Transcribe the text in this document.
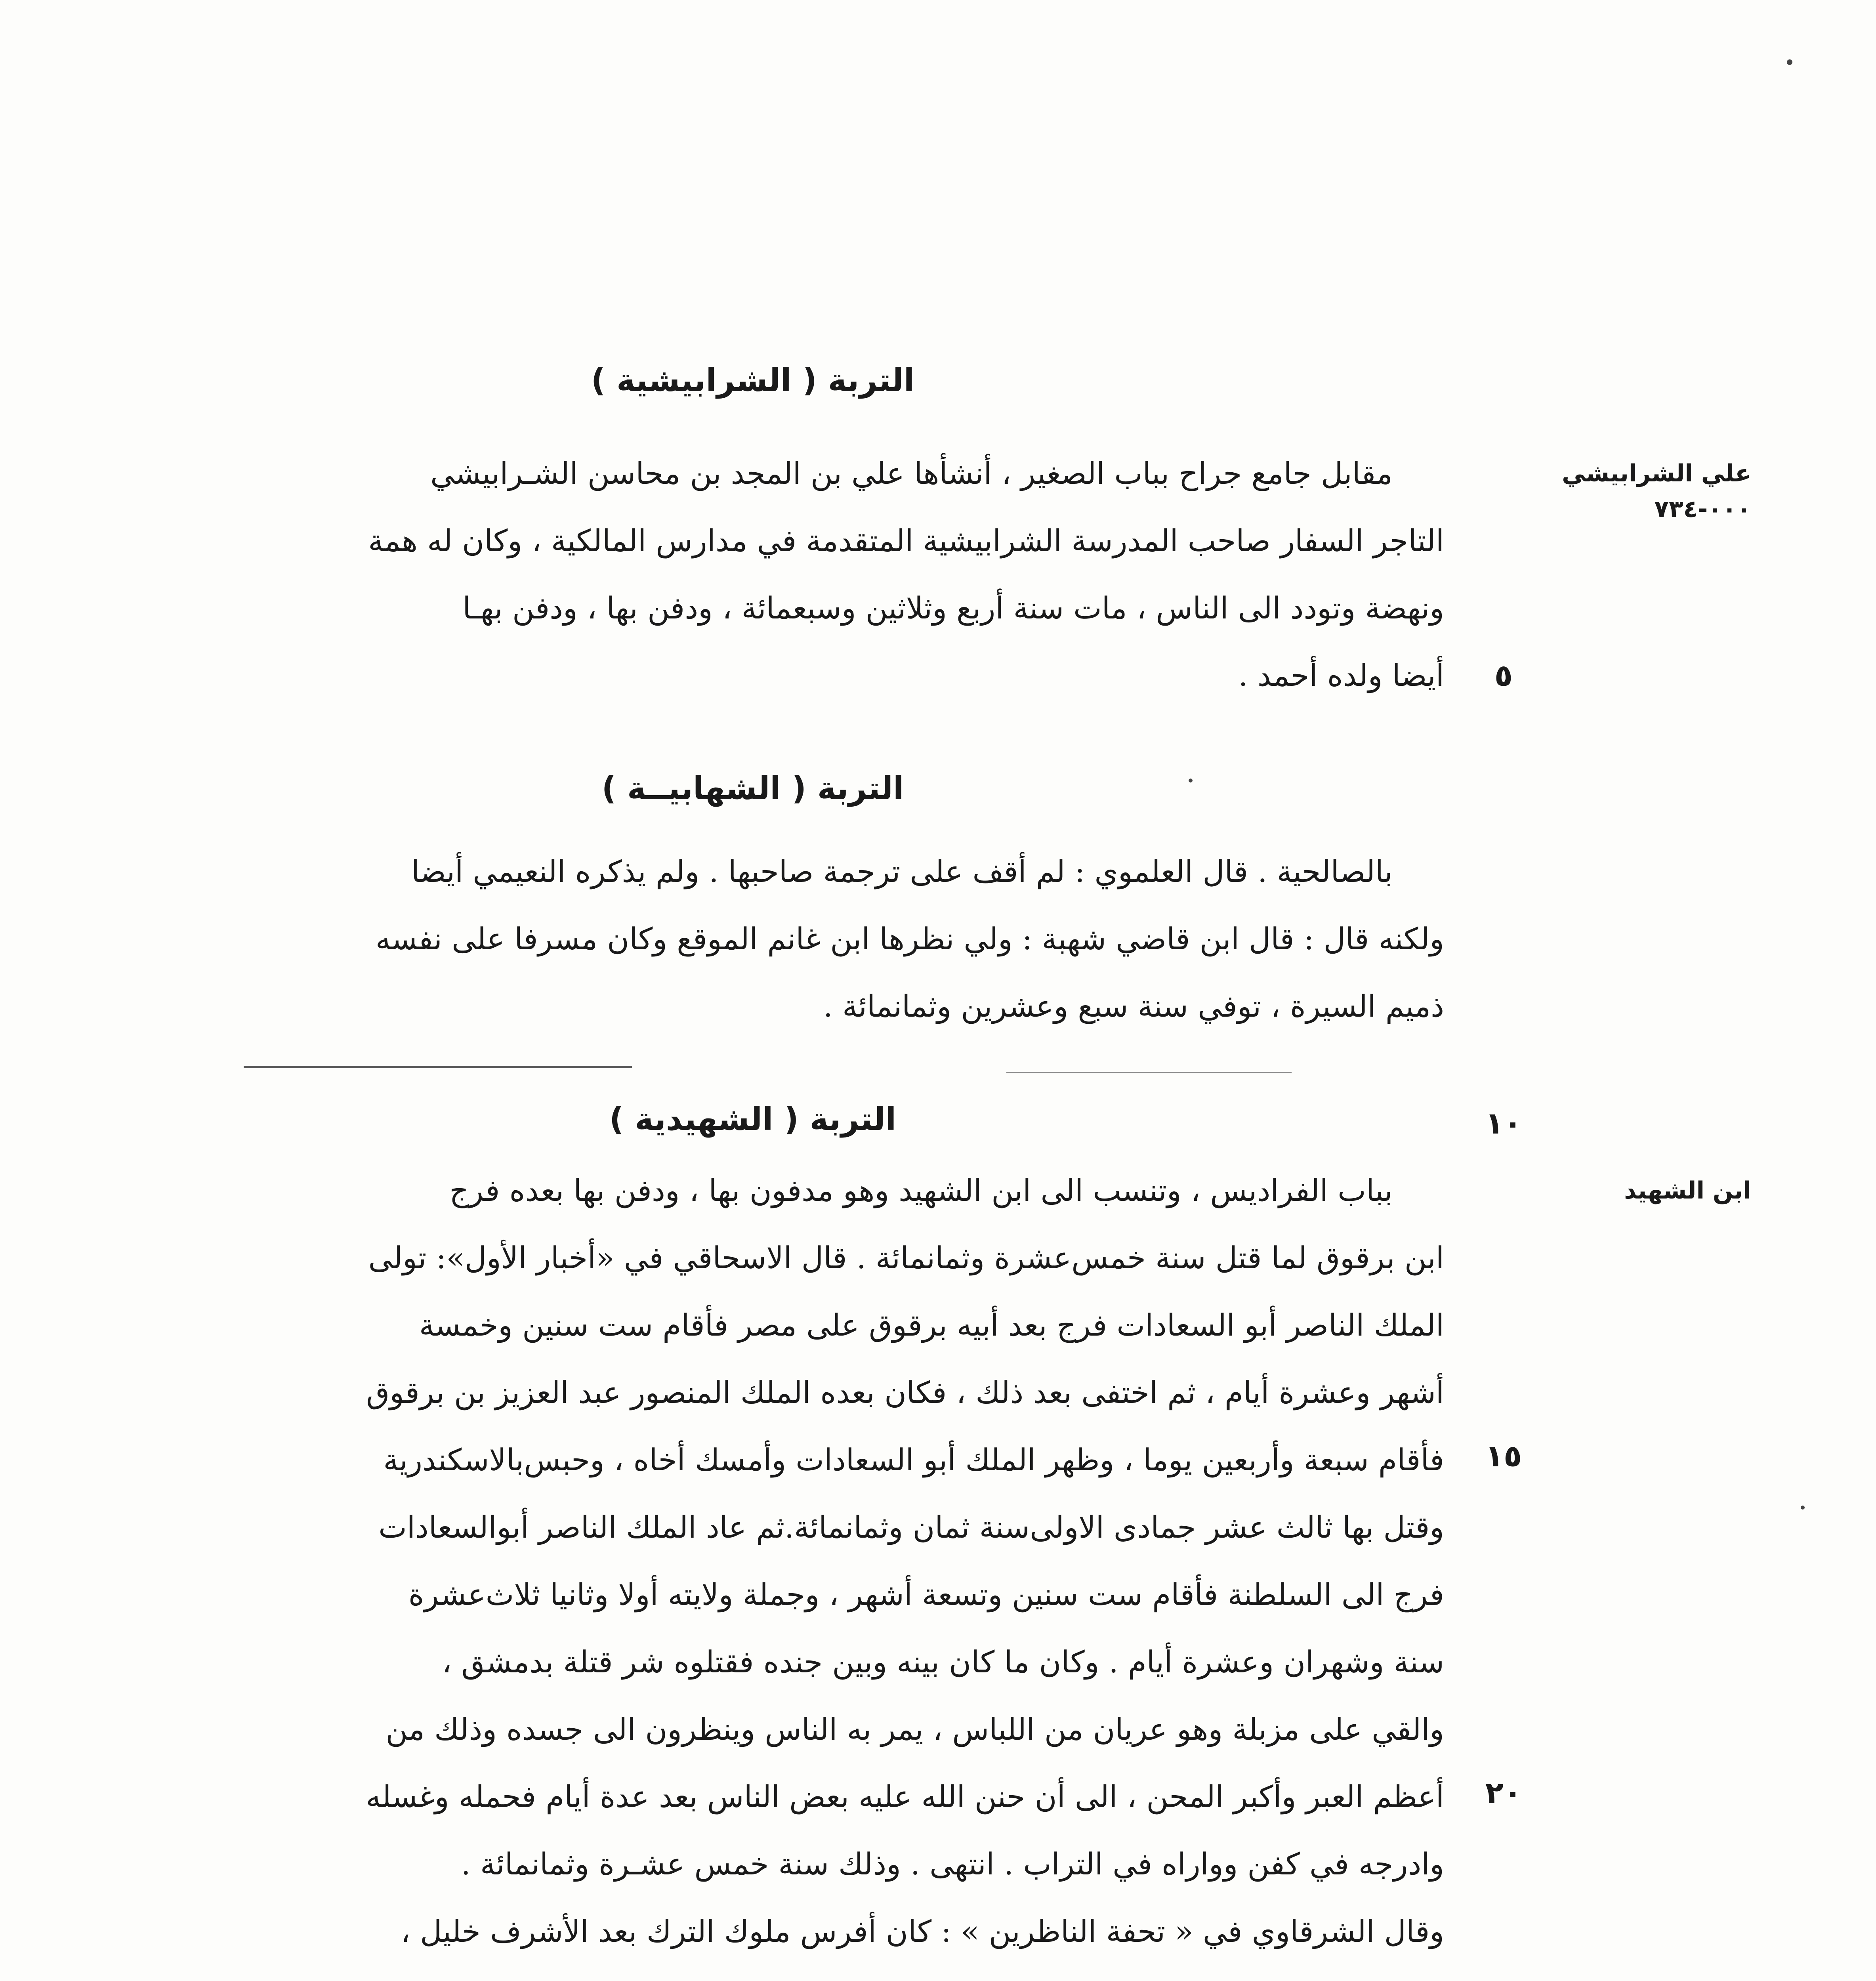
التربة ( الشرابيشية )
علي الشرابيشي
٠٠٠-٧٣٤
مقابل جامع جراح بباب الصغير ، أنشأها علي بن المجد بن محاسن الشـرابيشي
التاجر السفار صاحب المدرسة الشرابيشية المتقدمة في مدارس المالكية ، وكان له همة
ونهضة وتودد الى الناس ، مات سنة أربع وثلاثين وسبعمائة ، ودفن بها ، ودفن بهـا
أيضا ولده أحمد .	٥
التربة ( الشهابيــة )
بالصالحية . قال العلموي : لم أقف على ترجمة صاحبها . ولم يذكره النعيمي أيضا
ولكنه قال : قال ابن قاضي شهبة : ولي نظرها ابن غانم الموقع وكان مسرفا على نفسه
ذميم السيرة ، توفي سنة سبع وعشرين وثمانمائة .
التربة ( الشهيدية )	١٠
ابن الشهيد
بباب الفراديس ، وتنسب الى ابن الشهيد وهو مدفون بها ، ودفن بها بعده فرج
ابن برقوق لما قتل سنة خمس‌عشرة وثمانمائة . قال الاسحاقي في «أخبار الأول»: تولى
الملك الناصر أبو السعادات فرج بعد أبيه برقوق على مصر فأقام ست سنين وخمسة
أشهر وعشرة أيام ، ثم اختفى بعد ذلك ، فكان بعده الملك المنصور عبد العزيز بن برقوق
فأقام سبعة وأربعين يوما ، وظهر الملك أبو السعادات وأمسك أخاه ، وحبس‌بالاسكندرية
وقتل بها ثالث عشر جمادى الاولى‌سنة ثمان وثمانمائة.ثم عاد الملك الناصر أبوالسعادات
فرج الى السلطنة فأقام ست سنين وتسعة أشهر ، وجملة ولايته أولا وثانيا ثلاث‌عشرة
سنة وشهران وعشرة أيام . وكان ما كان بينه وبين جنده فقتلوه شر قتلة بدمشق ،
والقي على مزبلة وهو عريان من اللباس ، يمر به الناس وينظرون الى جسده وذلك من
أعظم العبر وأكبر المحن ، الى أن حنن الله عليه بعض الناس بعد عدة أيام فحمله وغسله
وادرجه في كفن وواراه في التراب . انتهى . وذلك سنة خمس عشـرة وثمانمائة .
وقال الشرقاوي في « تحفة الناظرين » : كان أفرس ملوك الترك بعد الأشرف خليل ،
١٥
٢٠
